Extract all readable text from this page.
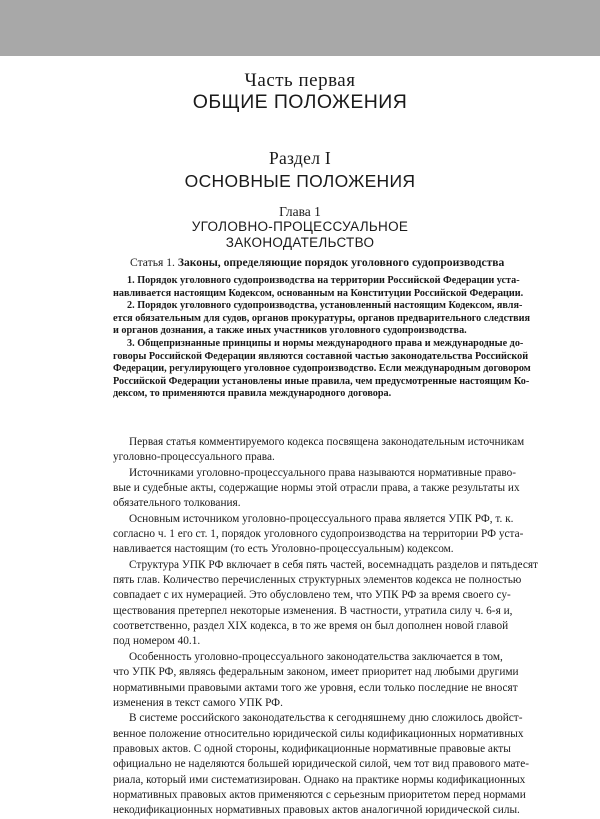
Часть первая
ОБЩИЕ ПОЛОЖЕНИЯ
Раздел I
ОСНОВНЫЕ ПОЛОЖЕНИЯ
Глава 1
УГОЛОВНО-ПРОЦЕССУАЛЬНОЕ
ЗАКОНОДАТЕЛЬСТВО
Статья 1. Законы, определяющие порядок уголовного судопроизводства
1. Порядок уголовного судопроизводства на территории Российской Федерации уста-
навливается настоящим Кодексом, основанным на Конституции Российской Федерации.
2. Порядок уголовного судопроизводства, установленный настоящим Кодексом, явля-
ется обязательным для судов, органов прокуратуры, органов предварительного следствия
и органов дознания, а также иных участников уголовного судопроизводства.
3. Общепризнанные принципы и нормы международного права и международные до-
говоры Российской Федерации являются составной частью законодательства Российской
Федерации, регулирующего уголовное судопроизводство. Если международным договором
Российской Федерации установлены иные правила, чем предусмотренные настоящим Ко-
дексом, то применяются правила международного договора.
Первая статья комментируемого кодекса посвящена законодательным источникам
уголовно-процессуального права.
Источниками уголовно-процессуального права называются нормативные право-
вые и судебные акты, содержащие нормы этой отрасли права, а также результаты их
обязательного толкования.
Основным источником уголовно-процессуального права является УПК РФ, т. к.
согласно ч. 1 его ст. 1, порядок уголовного судопроизводства на территории РФ уста-
навливается настоящим (то есть Уголовно-процессуальным) кодексом.
Структура УПК РФ включает в себя пять частей, восемнадцать разделов и пятьдесят
пять глав. Количество перечисленных структурных элементов кодекса не полностью
совпадает с их нумерацией. Это обусловлено тем, что УПК РФ за время своего су-
ществования претерпел некоторые изменения. В частности, утратила силу ч. 6-я и,
соответственно, раздел XIX кодекса, в то же время он был дополнен новой главой
под номером 40.1.
Особенность уголовно-процессуального законодательства заключается в том,
что УПК РФ, являясь федеральным законом, имеет приоритет над любыми другими
нормативными правовыми актами того же уровня, если только последние не вносят
изменения в текст самого УПК РФ.
В системе российского законодательства к сегодняшнему дню сложилось двойст-
венное положение относительно юридической силы кодификационных нормативных
правовых актов. С одной стороны, кодификационные нормативные правовые акты
официально не наделяются большей юридической силой, чем тот вид правового мате-
риала, который ими систематизирован. Однако на практике нормы кодификационных
нормативных правовых актов применяются с серьезным приоритетом перед нормами
некодификационных нормативных правовых актов аналогичной юридической силы.
